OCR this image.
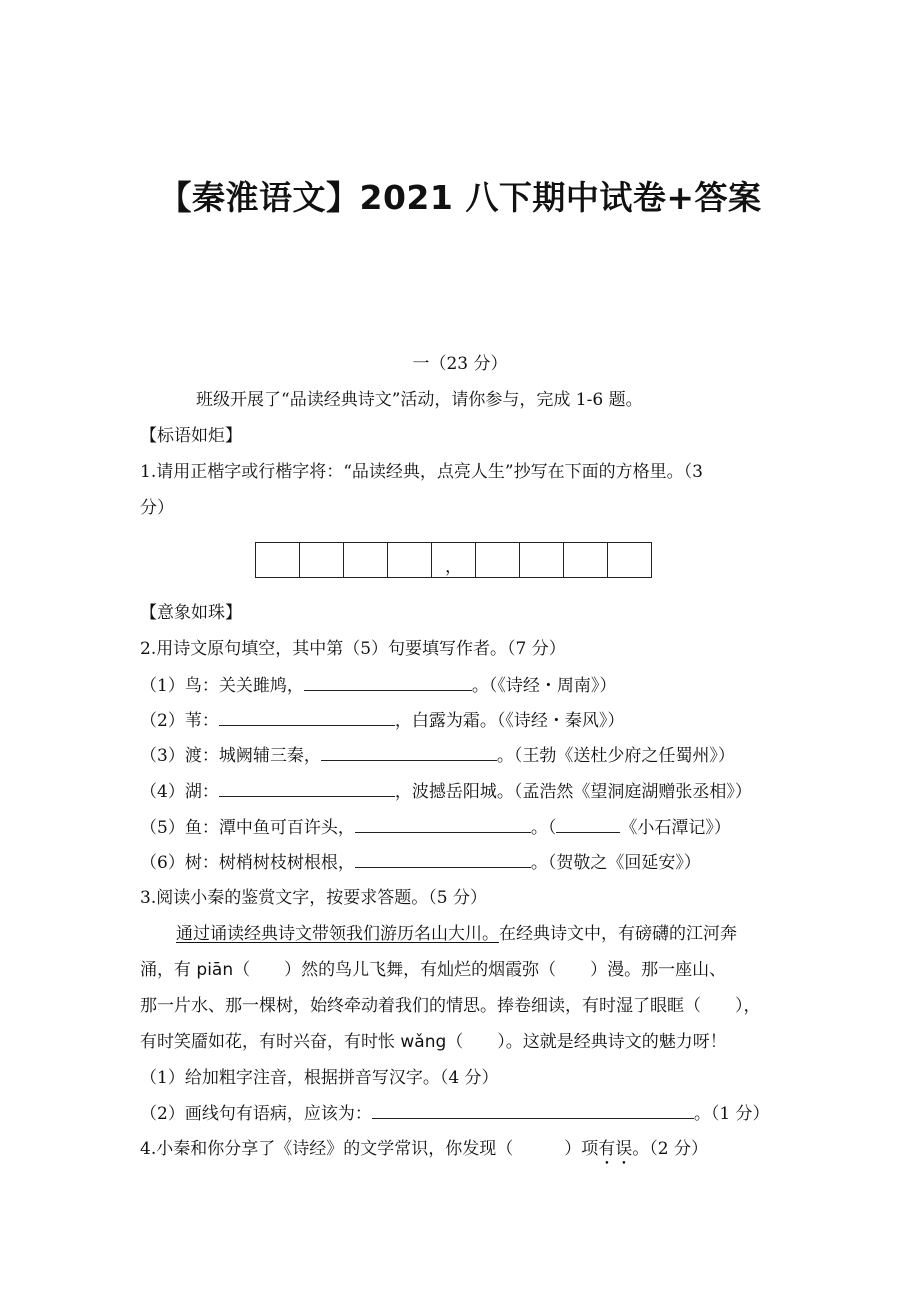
【秦淮语文】2021 八下期中试卷+答案
一（23 分）
班级开展了“品读经典诗文”活动，请你参与，完成 1-6 题。
【标语如炬】
1.请用正楷字或行楷字将：“品读经典，点亮人生”抄写在下面的方格里。（3
分）
，
【意象如珠】
2.用诗文原句填空，其中第（5）句要填写作者。（7 分）
（1）鸟：关关雎鸠，	。（《诗经・周南》）
（2）苇：	，白露为霜。（《诗经・秦风》）
（3）渡：城阙辅三秦，	。（王勃《送杜少府之任蜀州》）
（4）湖：	，波撼岳阳城。（孟浩然《望洞庭湖赠张丞相》）
（5）鱼：潭中鱼可百许头，	。（	《小石潭记》）
（6）树：树梢树枝树根根，	。（贺敬之《回延安》）
3.阅读小秦的鉴赏文字，按要求答题。（5 分）
通过诵读经典诗文带领我们游历名山大川。在经典诗文中，有磅礴的江河奔
涌，有 piān（　　）然的鸟儿飞舞，有灿烂的烟霞弥（　　）漫。那一座山、
那一片水、那一棵树，始终牵动着我们的情思。捧卷细读，有时湿了眼眶（　　），
有时笑靥如花，有时兴奋，有时怅 wǎng（　　）。这就是经典诗文的魅力呀！
（1）给加粗字注音，根据拼音写汉字。（4 分）
（2）画线句有语病，应该为：	。（1 分）
4.小秦和你分享了《诗经》的文学常识，你发现（　　　）项有误。（2 分）
